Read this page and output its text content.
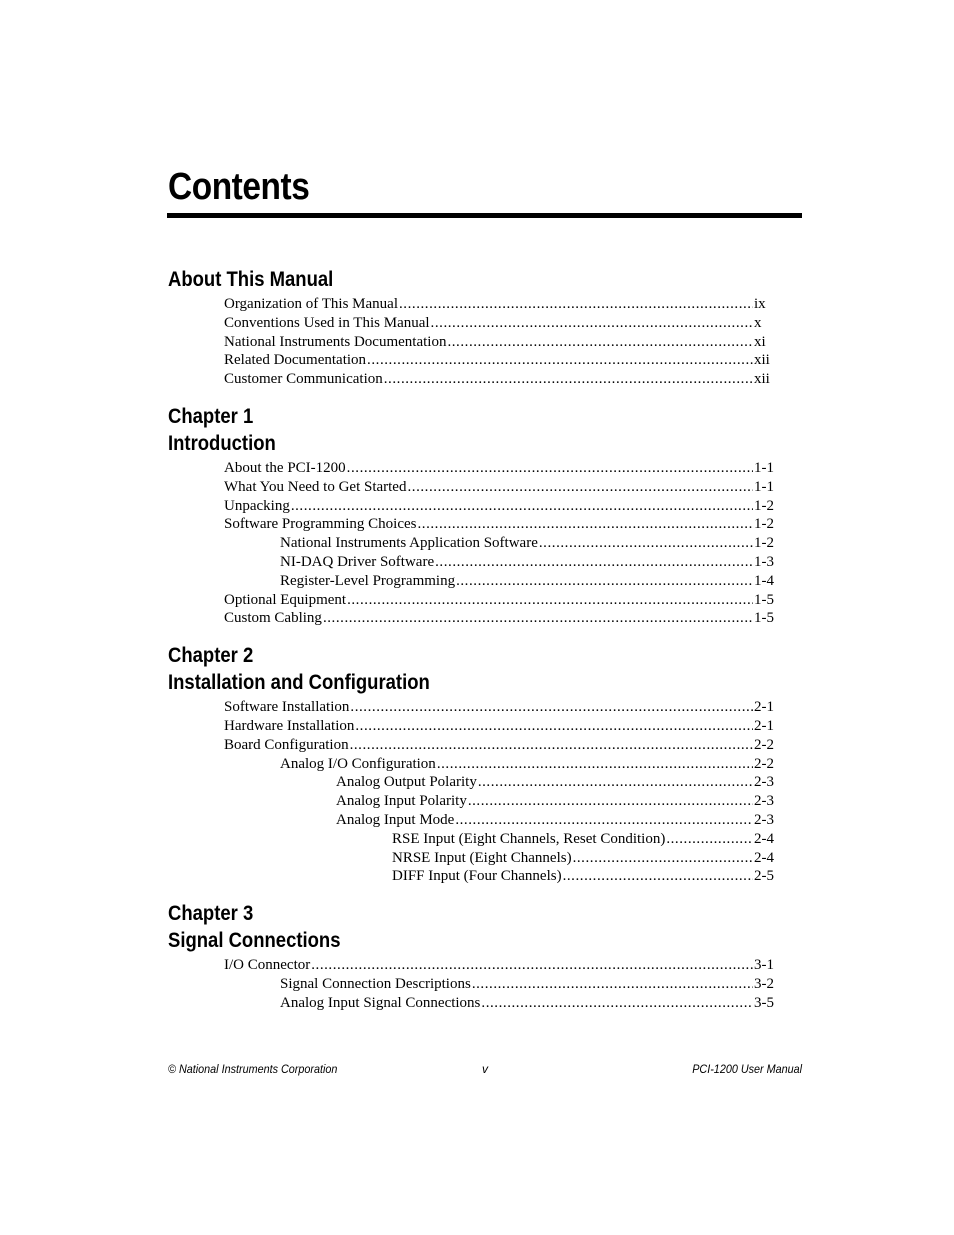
Contents
About This Manual
Organization of This Manual . . .	ix
Conventions Used in This Manual . . .	x
National Instruments Documentation . . .	xi
Related Documentation . . .	xii
Customer Communication . . .	xii
Chapter 1
Introduction
About the PCI-1200 . . .	1-1
What You Need to Get Started . . .	1-1
Unpacking . . .	1-2
Software Programming Choices . . .	1-2
National Instruments Application Software . . .	1-2
NI-DAQ Driver Software . . .	1-3
Register-Level Programming . . .	1-4
Optional Equipment . . .	1-5
Custom Cabling . . .	1-5
Chapter 2
Installation and Configuration
Software Installation . . .	2-1
Hardware Installation . . .	2-1
Board Configuration . . .	2-2
Analog I/O Configuration . . .	2-2
Analog Output Polarity . . .	2-3
Analog Input Polarity . . .	2-3
Analog Input Mode . . .	2-3
RSE Input (Eight Channels, Reset Condition) . . .	2-4
NRSE Input (Eight Channels) . . .	2-4
DIFF Input (Four Channels) . . .	2-5
Chapter 3
Signal Connections
I/O Connector . . .	3-1
Signal Connection Descriptions . . .	3-2
Analog Input Signal Connections . . .	3-5
© National Instruments Corporation	v	PCI-1200 User Manual
